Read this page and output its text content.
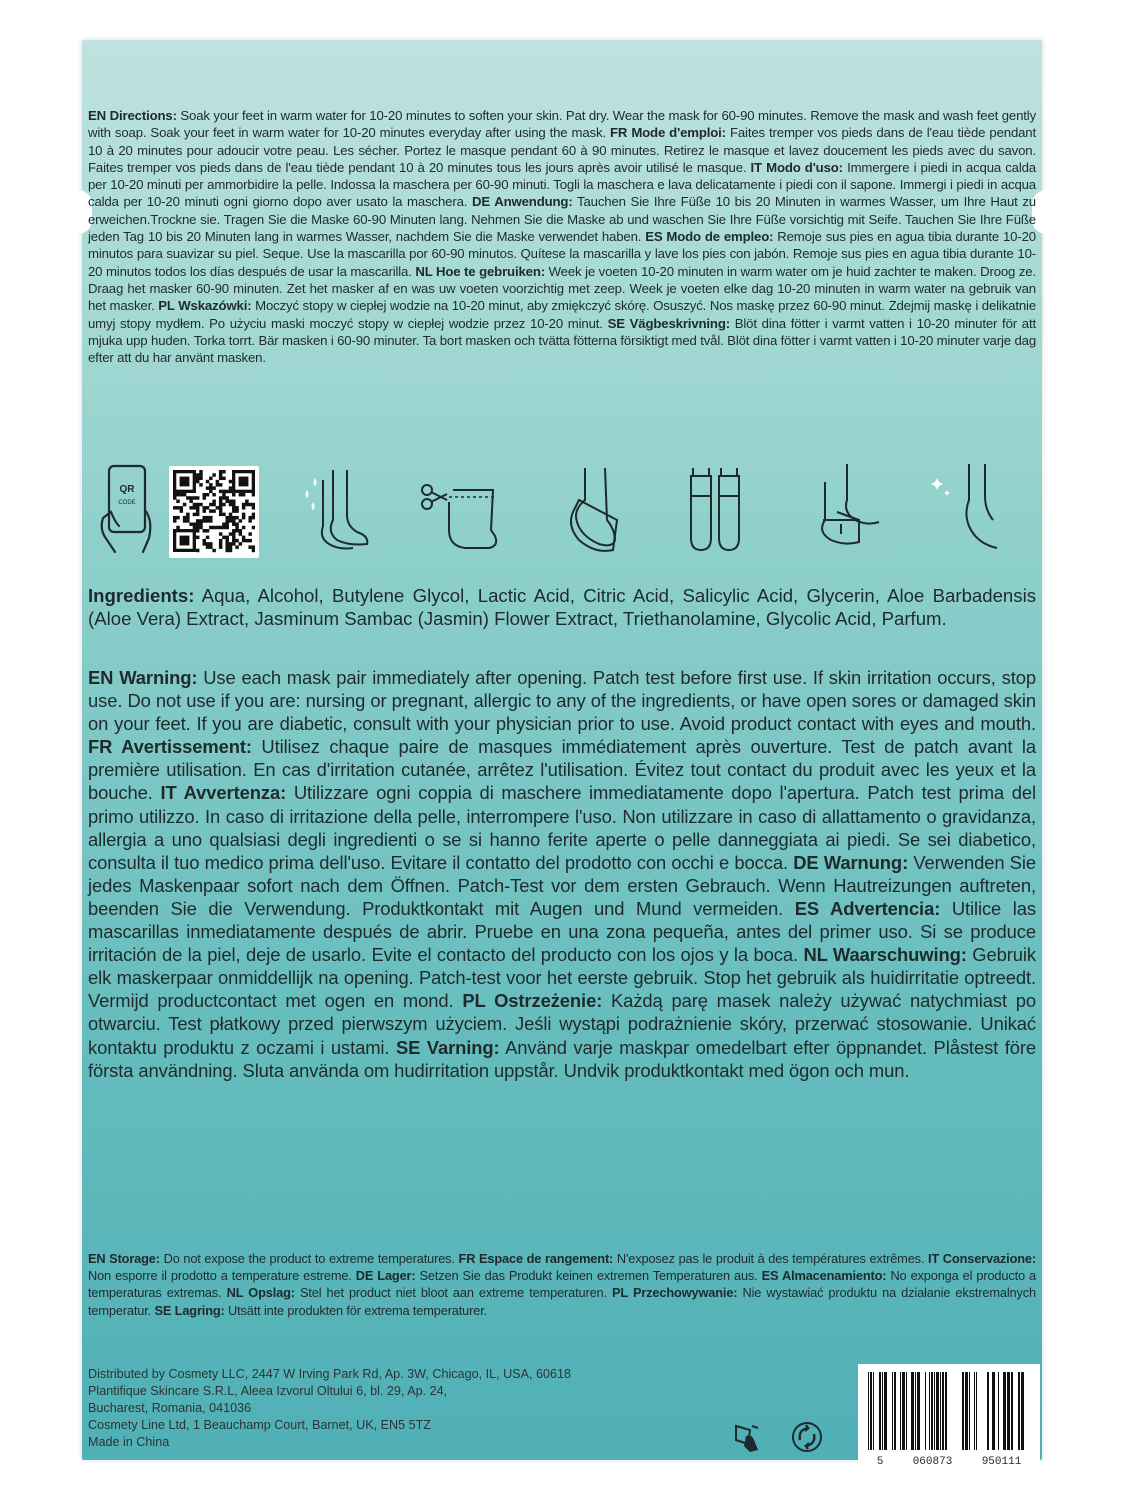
EN Directions: Soak your feet in warm water for 10-20 minutes to soften your skin. Pat dry. Wear the mask for 60-90 minutes. Remove the mask and wash feet gently with soap. Soak your feet in warm water for 10-20 minutes everyday after using the mask. FR Mode d'emploi: Faites tremper vos pieds dans de l'eau tiède pendant 10 à 20 minutes pour adoucir votre peau. Les sécher. Portez le masque pendant 60 à 90 minutes. Retirez le masque et lavez doucement les pieds avec du savon. Faites tremper vos pieds dans de l'eau tiède pendant 10 à 20 minutes tous les jours après avoir utilisé le masque. IT Modo d'uso: Immergere i piedi in acqua calda per 10-20 minuti per ammorbidire la pelle. Indossa la maschera per 60-90 minuti. Togli la maschera e lava delicatamente i piedi con il sapone. Immergi i piedi in acqua calda per 10-20 minuti ogni giorno dopo aver usato la maschera. DE Anwendung: Tauchen Sie Ihre Füße 10 bis 20 Minuten in warmes Wasser, um Ihre Haut zu erweichen.Trockne sie. Tragen Sie die Maske 60-90 Minuten lang. Nehmen Sie die Maske ab und waschen Sie Ihre Füße vorsichtig mit Seife. Tauchen Sie Ihre Füße jeden Tag 10 bis 20 Minuten lang in warmes Wasser, nachdem Sie die Maske verwendet haben. ES Modo de empleo: Remoje sus pies en agua tibia durante 10-20 minutos para suavizar su piel. Seque. Use la mascarilla por 60-90 minutos. Quítese la mascarilla y lave los pies con jabón. Remoje sus pies en agua tibia durante 10-20 minutos todos los días después de usar la mascarilla. NL Hoe te gebruiken: Week je voeten 10-20 minuten in warm water om je huid zachter te maken. Droog ze. Draag het masker 60-90 minuten. Zet het masker af en was uw voeten voorzichtig met zeep. Week je voeten elke dag 10-20 minuten in warm water na gebruik van het masker. PL Wskazówki: Moczyć stopy w ciepłej wodzie na 10-20 minut, aby zmiękczyć skórę. Osuszyć. Nos maskę przez 60-90 minut. Zdejmij maskę i delikatnie umyj stopy mydłem. Po użyciu maski moczyć stopy w ciepłej wodzie przez 10-20 minut. SE Vägbeskrivning: Blöt dina fötter i varmt vatten i 10-20 minuter för att mjuka upp huden. Torka torrt. Bär masken i 60-90 minuter. Ta bort masken och tvätta fötterna försiktigt med tvål. Blöt dina fötter i varmt vatten i 10-20 minuter varje dag efter att du har använt masken.
QR
CODE
Ingredients: Aqua, Alcohol, Butylene Glycol, Lactic Acid, Citric Acid, Salicylic Acid, Glycerin, Aloe Barbadensis (Aloe Vera) Extract, Jasminum Sambac (Jasmin) Flower Extract, Triethanolamine, Glycolic Acid, Parfum.
EN Warning: Use each mask pair immediately after opening. Patch test before first use. If skin irritation occurs, stop use. Do not use if you are: nursing or pregnant, allergic to any of the ingredients, or have open sores or damaged skin on your feet. If you are diabetic, consult with your physician prior to use. Avoid product contact with eyes and mouth. FR Avertissement: Utilisez chaque paire de masques immédiatement après ouverture. Test de patch avant la première utilisation. En cas d'irritation cutanée, arrêtez l'utilisation. Évitez tout contact du produit avec les yeux et la bouche. IT Avvertenza: Utilizzare ogni coppia di maschere immediatamente dopo l'apertura. Patch test prima del primo utilizzo. In caso di irritazione della pelle, interrompere l'uso. Non utilizzare in caso di allattamento o gravidanza, allergia a uno qualsiasi degli ingredienti o se si hanno ferite aperte o pelle danneggiata ai piedi. Se sei diabetico, consulta il tuo medico prima dell'uso. Evitare il contatto del prodotto con occhi e bocca. DE Warnung: Verwenden Sie jedes Maskenpaar sofort nach dem Öffnen. Patch-Test vor dem ersten Gebrauch. Wenn Hautreizungen auftreten, beenden Sie die Verwendung. Produktkontakt mit Augen und Mund vermeiden. ES Advertencia: Utilice las mascarillas inmediatamente después de abrir. Pruebe en una zona pequeña, antes del primer uso. Si se produce irritación de la piel, deje de usarlo. Evite el contacto del producto con los ojos y la boca. NL Waarschuwing: Gebruik elk maskerpaar onmiddellijk na opening. Patch-test voor het eerste gebruik. Stop het gebruik als huidirritatie optreedt. Vermijd productcontact met ogen en mond. PL Ostrzeżenie: Każdą parę masek należy używać natychmiast po otwarciu. Test płatkowy przed pierwszym użyciem. Jeśli wystąpi podrażnienie skóry, przerwać stosowanie. Unikać kontaktu produktu z oczami i ustami. SE Varning: Använd varje maskpar omedelbart efter öppnandet. Plåstest före första användning. Sluta använda om hudirritation uppstår. Undvik produktkontakt med ögon och mun.
EN Storage: Do not expose the product to extreme temperatures. FR Espace de rangement: N'exposez pas le produit à des températures extrêmes. IT Conservazione: Non esporre il prodotto a temperature estreme. DE Lager: Setzen Sie das Produkt keinen extremen Temperaturen aus. ES Almacenamiento: No exponga el producto a temperaturas extremas. NL Opslag: Stel het product niet bloot aan extreme temperaturen. PL Przechowywanie: Nie wystawiać produktu na działanie ekstremalnych temperatur. SE Lagring: Utsätt inte produkten för extrema temperaturer.
Distributed by Cosmety LLC, 2447 W Irving Park Rd, Ap. 3W, Chicago, IL, USA, 60618
Plantifique Skincare S.R.L, Aleea Izvorul Oltului 6, bl. 29, Ap. 24,
Bucharest, Romania, 041036
Cosmety Line Ltd, 1 Beauchamp Court, Barnet, UK, EN5 5TZ
Made in China
5	060873	950111
